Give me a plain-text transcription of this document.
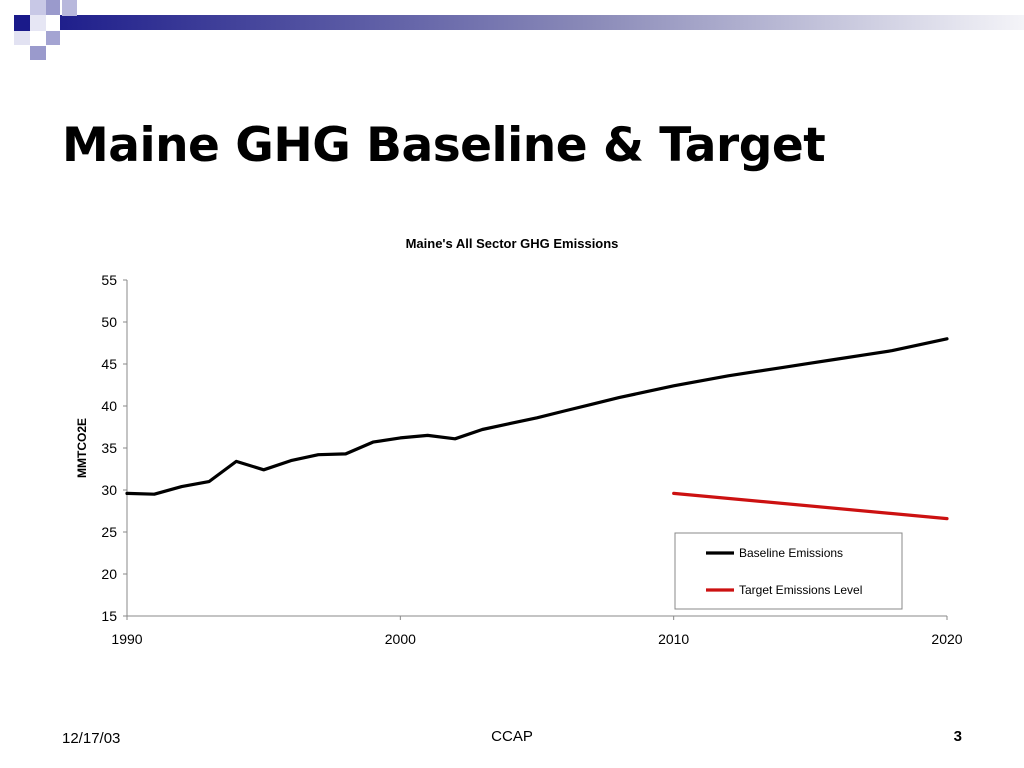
Maine GHG Baseline & Target
Maine's All Sector GHG Emissions
15
20
25
30
35
40
45
50
55
1990	2000	2010	2020
MMTCO2E
Baseline Emissions
Target Emissions Level
12/17/03	CCAP	3
